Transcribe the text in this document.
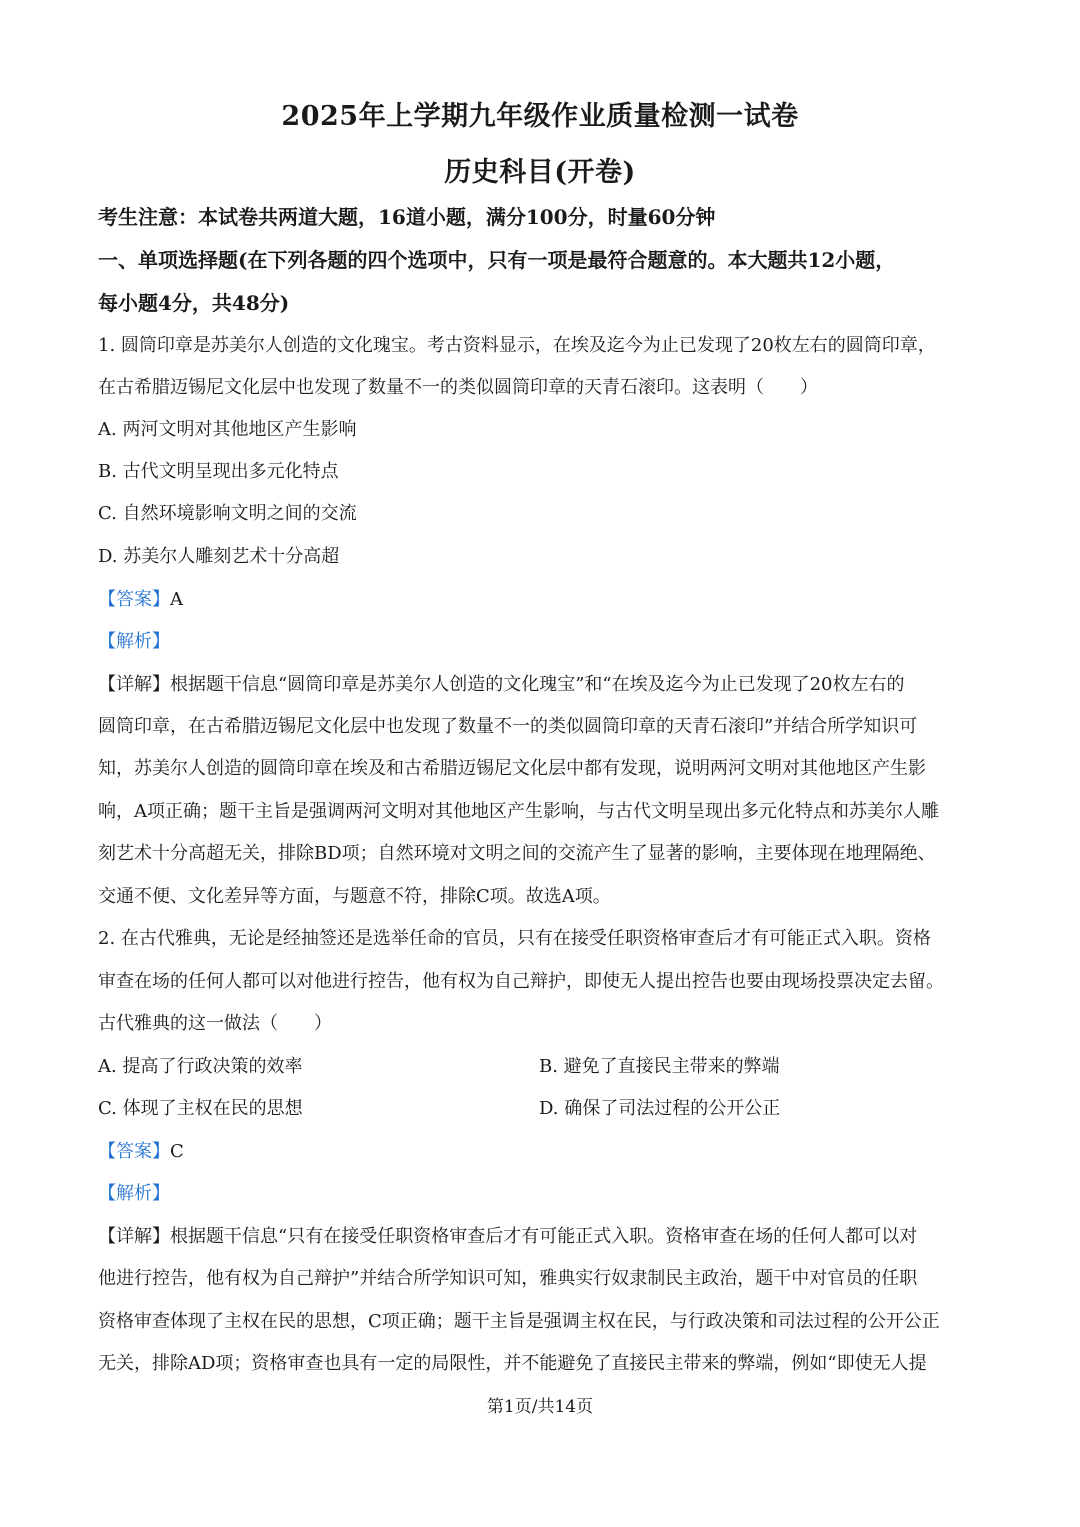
2025年上学期九年级作业质量检测一试卷
历史科目(开卷)
考生注意：本试卷共两道大题，16道小题，满分100分，时量60分钟
一、单项选择题(在下列各题的四个选项中，只有一项是最符合题意的。本大题共12小题，
每小题4分，共48分)
1. 圆筒印章是苏美尔人创造的文化瑰宝。考古资料显示，在埃及迄今为止已发现了20枚左右的圆筒印章，
在古希腊迈锡尼文化层中也发现了数量不一的类似圆筒印章的天青石滚印。这表明（　　）
A. 两河文明对其他地区产生影响
B. 古代文明呈现出多元化特点
C. 自然环境影响文明之间的交流
D. 苏美尔人雕刻艺术十分高超
【答案】A
【解析】
【详解】根据题干信息“圆筒印章是苏美尔人创造的文化瑰宝”和“在埃及迄今为止已发现了20枚左右的
圆筒印章，在古希腊迈锡尼文化层中也发现了数量不一的类似圆筒印章的天青石滚印”并结合所学知识可
知，苏美尔人创造的圆筒印章在埃及和古希腊迈锡尼文化层中都有发现，说明两河文明对其他地区产生影
响，A项正确；题干主旨是强调两河文明对其他地区产生影响，与古代文明呈现出多元化特点和苏美尔人雕
刻艺术十分高超无关，排除BD项；自然环境对文明之间的交流产生了显著的影响，主要体现在地理隔绝、
交通不便、文化差异等方面，与题意不符，排除C项。故选A项。
2. 在古代雅典，无论是经抽签还是选举任命的官员，只有在接受任职资格审查后才有可能正式入职。资格
审查在场的任何人都可以对他进行控告，他有权为自己辩护，即使无人提出控告也要由现场投票决定去留。
古代雅典的这一做法（　　）
A. 提高了行政决策的效率	B. 避免了直接民主带来的弊端
C. 体现了主权在民的思想	D. 确保了司法过程的公开公正
【答案】C
【解析】
【详解】根据题干信息“只有在接受任职资格审查后才有可能正式入职。资格审查在场的任何人都可以对
他进行控告，他有权为自己辩护”并结合所学知识可知，雅典实行奴隶制民主政治，题干中对官员的任职
资格审查体现了主权在民的思想，C项正确；题干主旨是强调主权在民，与行政决策和司法过程的公开公正
无关，排除AD项；资格审查也具有一定的局限性，并不能避免了直接民主带来的弊端，例如“即使无人提
第1页/共14页
